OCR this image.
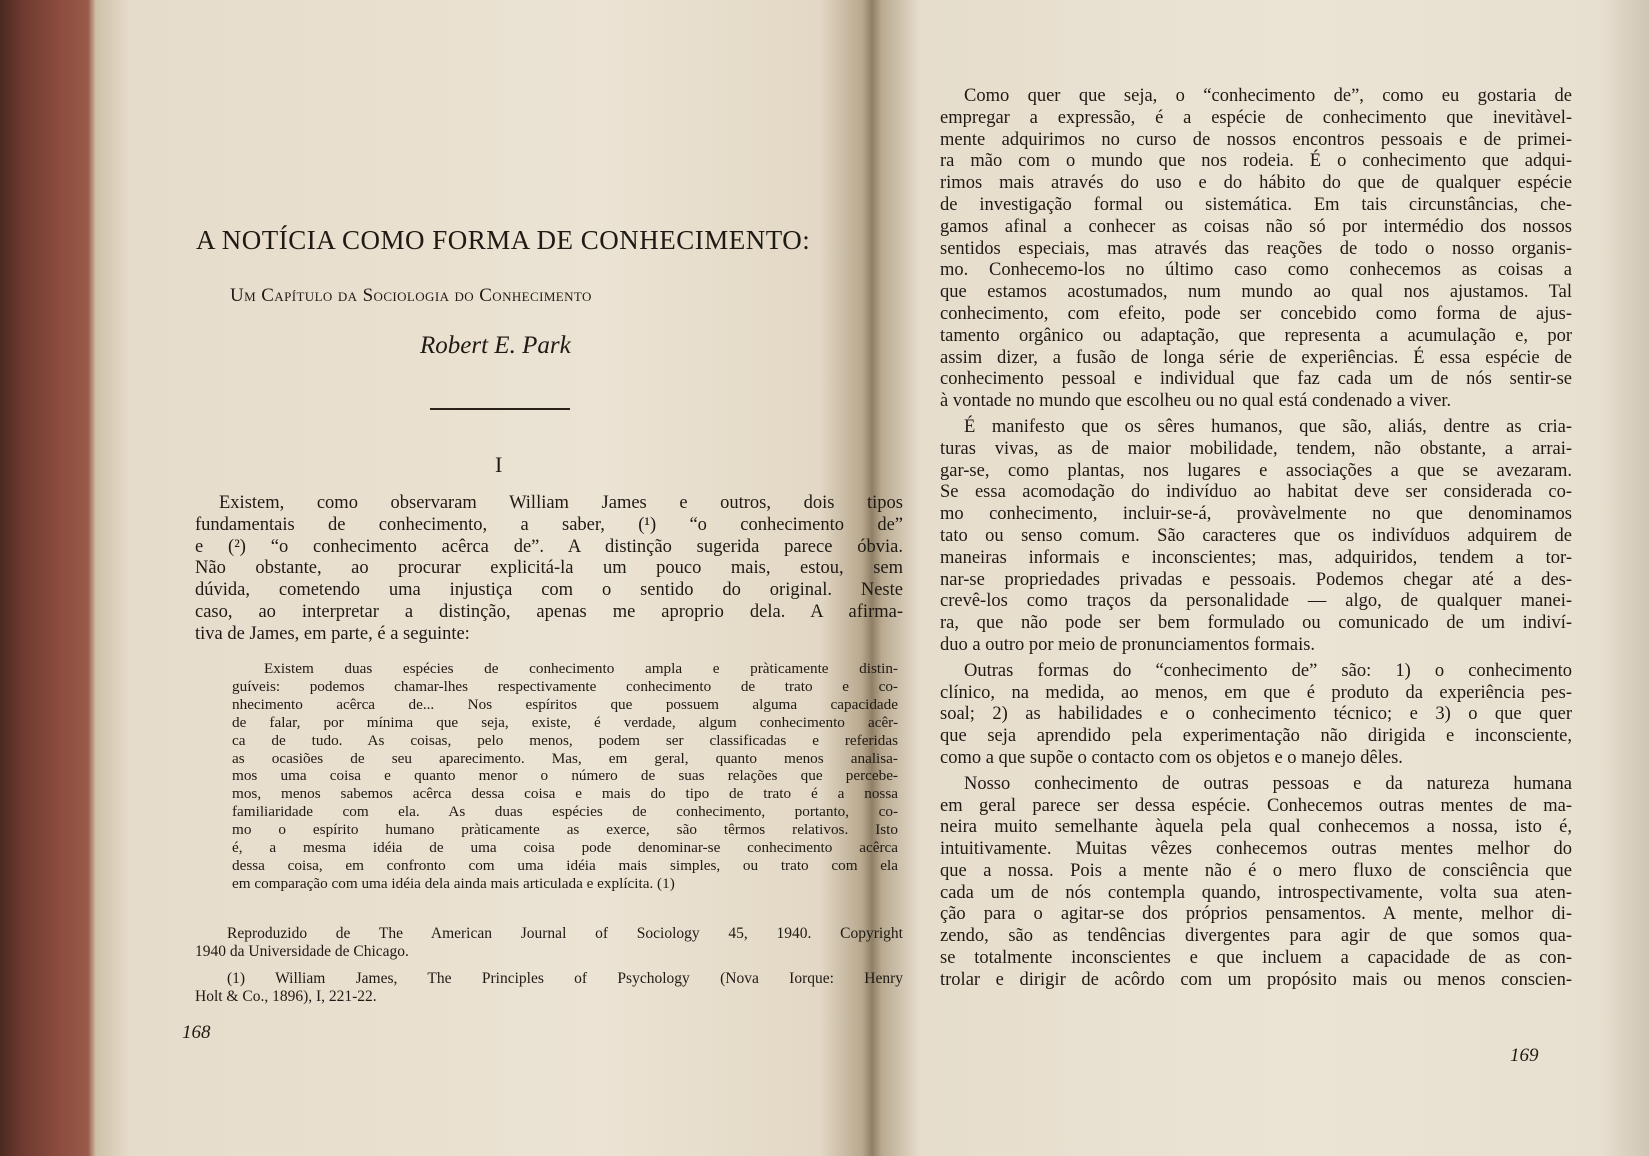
A NOTÍCIA COMO FORMA DE CONHECIMENTO:
Um Capítulo da Sociologia do Conhecimento
Robert E. Park
I
Existem, como observaram William James e outros, dois tipos
fundamentais de conhecimento, a saber, (¹) “o conhecimento de”
e (²) “o conhecimento acêrca de”. A distinção sugerida parece óbvia.
Não obstante, ao procurar explicitá-la um pouco mais, estou, sem
dúvida, cometendo uma injustiça com o sentido do original. Neste
caso, ao interpretar a distinção, apenas me aproprio dela. A afirma-
tiva de James, em parte, é a seguinte:
Existem duas espécies de conhecimento ampla e pràticamente distin-
guíveis: podemos chamar-lhes respectivamente conhecimento de trato e co-
nhecimento acêrca de... Nos espíritos que possuem alguma capacidade
de falar, por mínima que seja, existe, é verdade, algum conhecimento acêr-
ca de tudo. As coisas, pelo menos, podem ser classificadas e referidas
as ocasiões de seu aparecimento. Mas, em geral, quanto menos analisa-
mos uma coisa e quanto menor o número de suas relações que percebe-
mos, menos sabemos acêrca dessa coisa e mais do tipo de trato é a nossa
familiaridade com ela. As duas espécies de conhecimento, portanto, co-
mo o espírito humano pràticamente as exerce, são têrmos relativos. Isto
é, a mesma idéia de uma coisa pode denominar-se conhecimento acêrca
dessa coisa, em confronto com uma idéia mais simples, ou trato com ela
em comparação com uma idéia dela ainda mais articulada e explícita. (1)
Reproduzido de The American Journal of Sociology 45, 1940. Copyright
1940 da Universidade de Chicago.
(1) William James, The Principles of Psychology (Nova Iorque: Henry
Holt & Co., 1896), I, 221-22.
168
Como quer que seja, o “conhecimento de”, como eu gostaria de
empregar a expressão, é a espécie de conhecimento que inevitàvel-
mente adquirimos no curso de nossos encontros pessoais e de primei-
ra mão com o mundo que nos rodeia. É o conhecimento que adqui-
rimos mais através do uso e do hábito do que de qualquer espécie
de investigação formal ou sistemática. Em tais circunstâncias, che-
gamos afinal a conhecer as coisas não só por intermédio dos nossos
sentidos especiais, mas através das reações de todo o nosso organis-
mo. Conhecemo-los no último caso como conhecemos as coisas a
que estamos acostumados, num mundo ao qual nos ajustamos. Tal
conhecimento, com efeito, pode ser concebido como forma de ajus-
tamento orgânico ou adaptação, que representa a acumulação e, por
assim dizer, a fusão de longa série de experiências. É essa espécie de
conhecimento pessoal e individual que faz cada um de nós sentir-se
à vontade no mundo que escolheu ou no qual está condenado a viver.
É manifesto que os sêres humanos, que são, aliás, dentre as cria-
turas vivas, as de maior mobilidade, tendem, não obstante, a arrai-
gar-se, como plantas, nos lugares e associações a que se avezaram.
Se essa acomodação do indivíduo ao habitat deve ser considerada co-
mo conhecimento, incluir-se-á, provàvelmente no que denominamos
tato ou senso comum. São caracteres que os indivíduos adquirem de
maneiras informais e inconscientes; mas, adquiridos, tendem a tor-
nar-se propriedades privadas e pessoais. Podemos chegar até a des-
crevê-los como traços da personalidade — algo, de qualquer manei-
ra, que não pode ser bem formulado ou comunicado de um indiví-
duo a outro por meio de pronunciamentos formais.
Outras formas do “conhecimento de” são: 1) o conhecimento
clínico, na medida, ao menos, em que é produto da experiência pes-
soal; 2) as habilidades e o conhecimento técnico; e 3) o que quer
que seja aprendido pela experimentação não dirigida e inconsciente,
como a que supõe o contacto com os objetos e o manejo dêles.
Nosso conhecimento de outras pessoas e da natureza humana
em geral parece ser dessa espécie. Conhecemos outras mentes de ma-
neira muito semelhante àquela pela qual conhecemos a nossa, isto é,
intuitivamente. Muitas vêzes conhecemos outras mentes melhor do
que a nossa. Pois a mente não é o mero fluxo de consciência que
cada um de nós contempla quando, introspectivamente, volta sua aten-
ção para o agitar-se dos próprios pensamentos. A mente, melhor di-
zendo, são as tendências divergentes para agir de que somos qua-
se totalmente inconscientes e que incluem a capacidade de as con-
trolar e dirigir de acôrdo com um propósito mais ou menos conscien-
169
